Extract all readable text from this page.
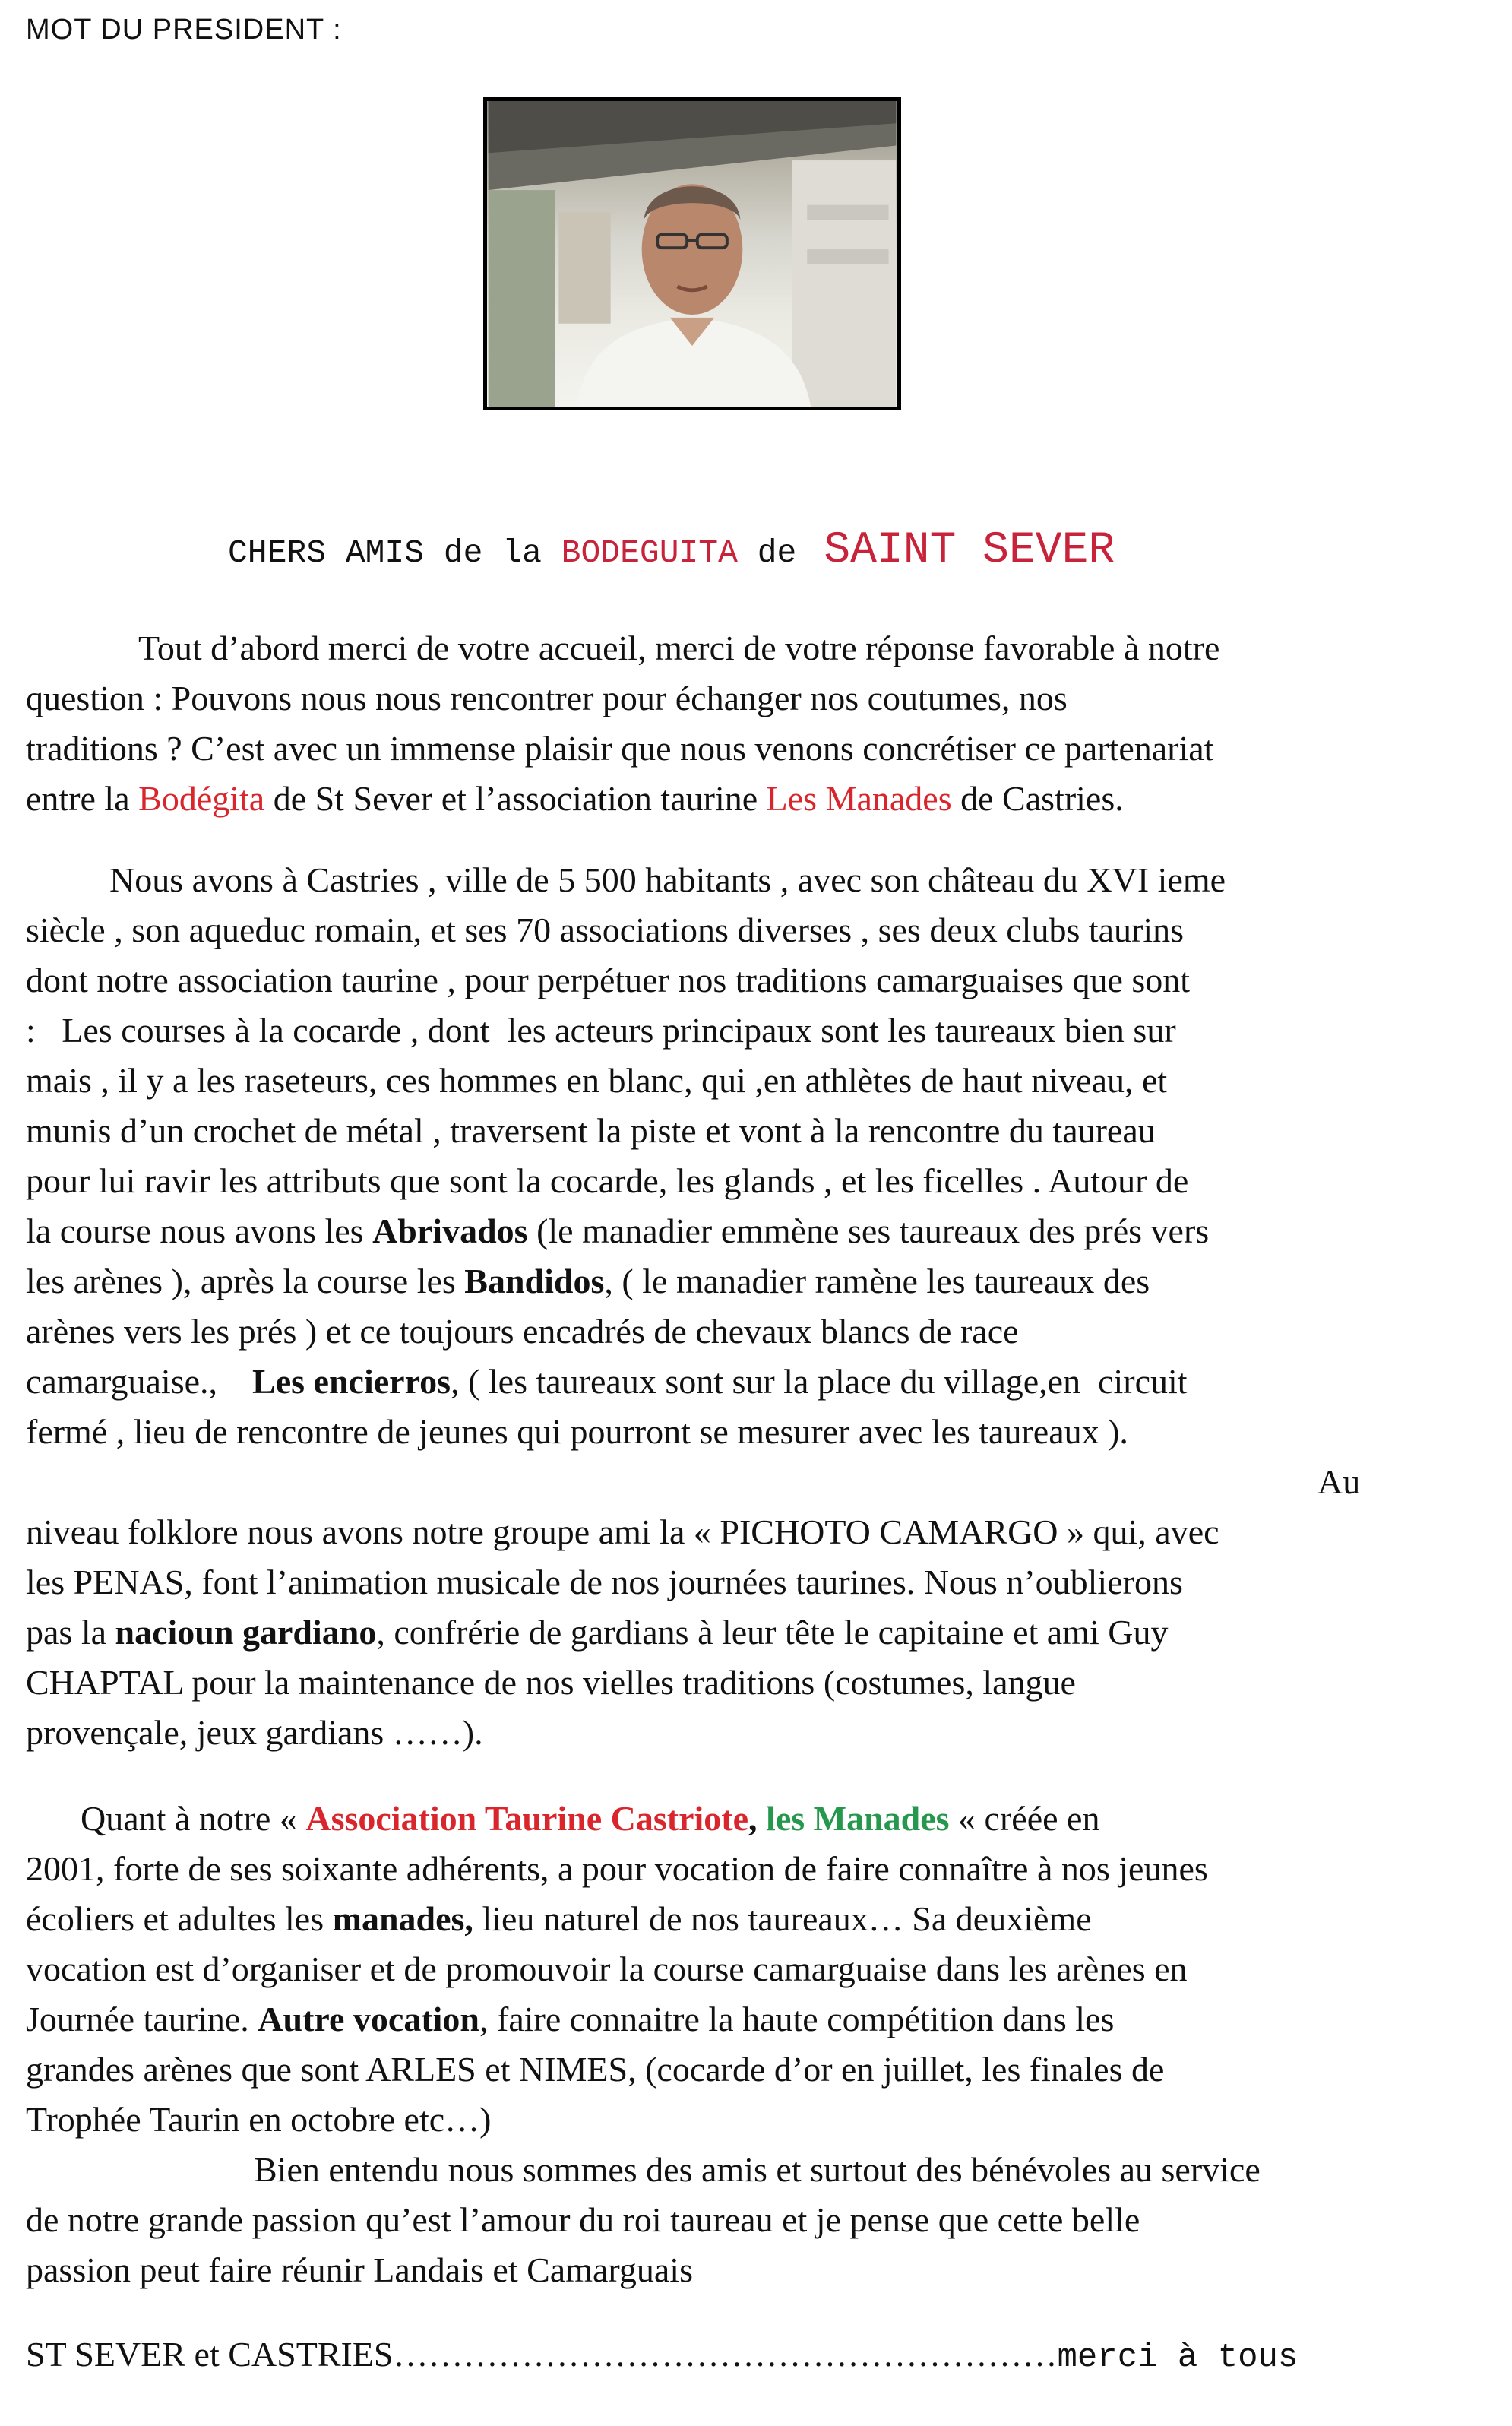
MOT DU PRESIDENT :
CHERS AMIS de la BODEGUITA de SAINT SEVER
Tout d’abord merci de votre accueil, merci de votre réponse favorable à notre
question : Pouvons nous nous rencontrer pour échanger nos coutumes, nos
traditions ? C’est avec un immense plaisir que nous venons concrétiser ce partenariat
entre la Bodégita de St Sever et l’association taurine Les Manades de Castries.
Nous avons à Castries , ville de 5 500 habitants , avec son château du XVI ieme
siècle , son aqueduc romain, et ses 70 associations diverses , ses deux clubs taurins
dont notre association taurine , pour perpétuer nos traditions camarguaises que sont
:   Les courses à la cocarde , dont  les acteurs principaux sont les taureaux bien sur
mais , il y a les raseteurs, ces hommes en blanc, qui ,en athlètes de haut niveau, et
munis d’un crochet de métal , traversent la piste et vont à la rencontre du taureau
pour lui ravir les attributs que sont la cocarde, les glands , et les ficelles . Autour de
la course nous avons les Abrivados (le manadier emmène ses taureaux des prés vers
les arènes ), après la course les Bandidos, ( le manadier ramène les taureaux des
arènes vers les prés ) et ce toujours encadrés de chevaux blancs de race
camarguaise.,    Les encierros, ( les taureaux sont sur la place du village,en  circuit
fermé , lieu de rencontre de jeunes qui pourront se mesurer avec les taureaux ).
Au
niveau folklore nous avons notre groupe ami la « PICHOTO CAMARGO » qui, avec
les PENAS, font l’animation musicale de nos journées taurines. Nous n’oublierons
pas la nacioun gardiano, confrérie de gardians à leur tête le capitaine et ami Guy
CHAPTAL pour la maintenance de nos vielles traditions (costumes, langue
provençale, jeux gardians ……).
Quant à notre « Association Taurine Castriote, les Manades « créée en
2001, forte de ses soixante adhérents, a pour vocation de faire connaître à nos jeunes
écoliers et adultes les manades, lieu naturel de nos taureaux… Sa deuxième
vocation est d’organiser et de promouvoir la course camarguaise dans les arènes en
Journée taurine. Autre vocation, faire connaitre la haute compétition dans les
grandes arènes que sont ARLES et NIMES, (cocarde d’or en juillet, les finales de
Trophée Taurin en octobre etc…)
Bien entendu nous sommes des amis et surtout des bénévoles au service
de notre grande passion qu’est l’amour du roi taureau et je pense que cette belle
passion peut faire réunir Landais et Camarguais
ST SEVER et CASTRIES…………………………………………………merci à tous
